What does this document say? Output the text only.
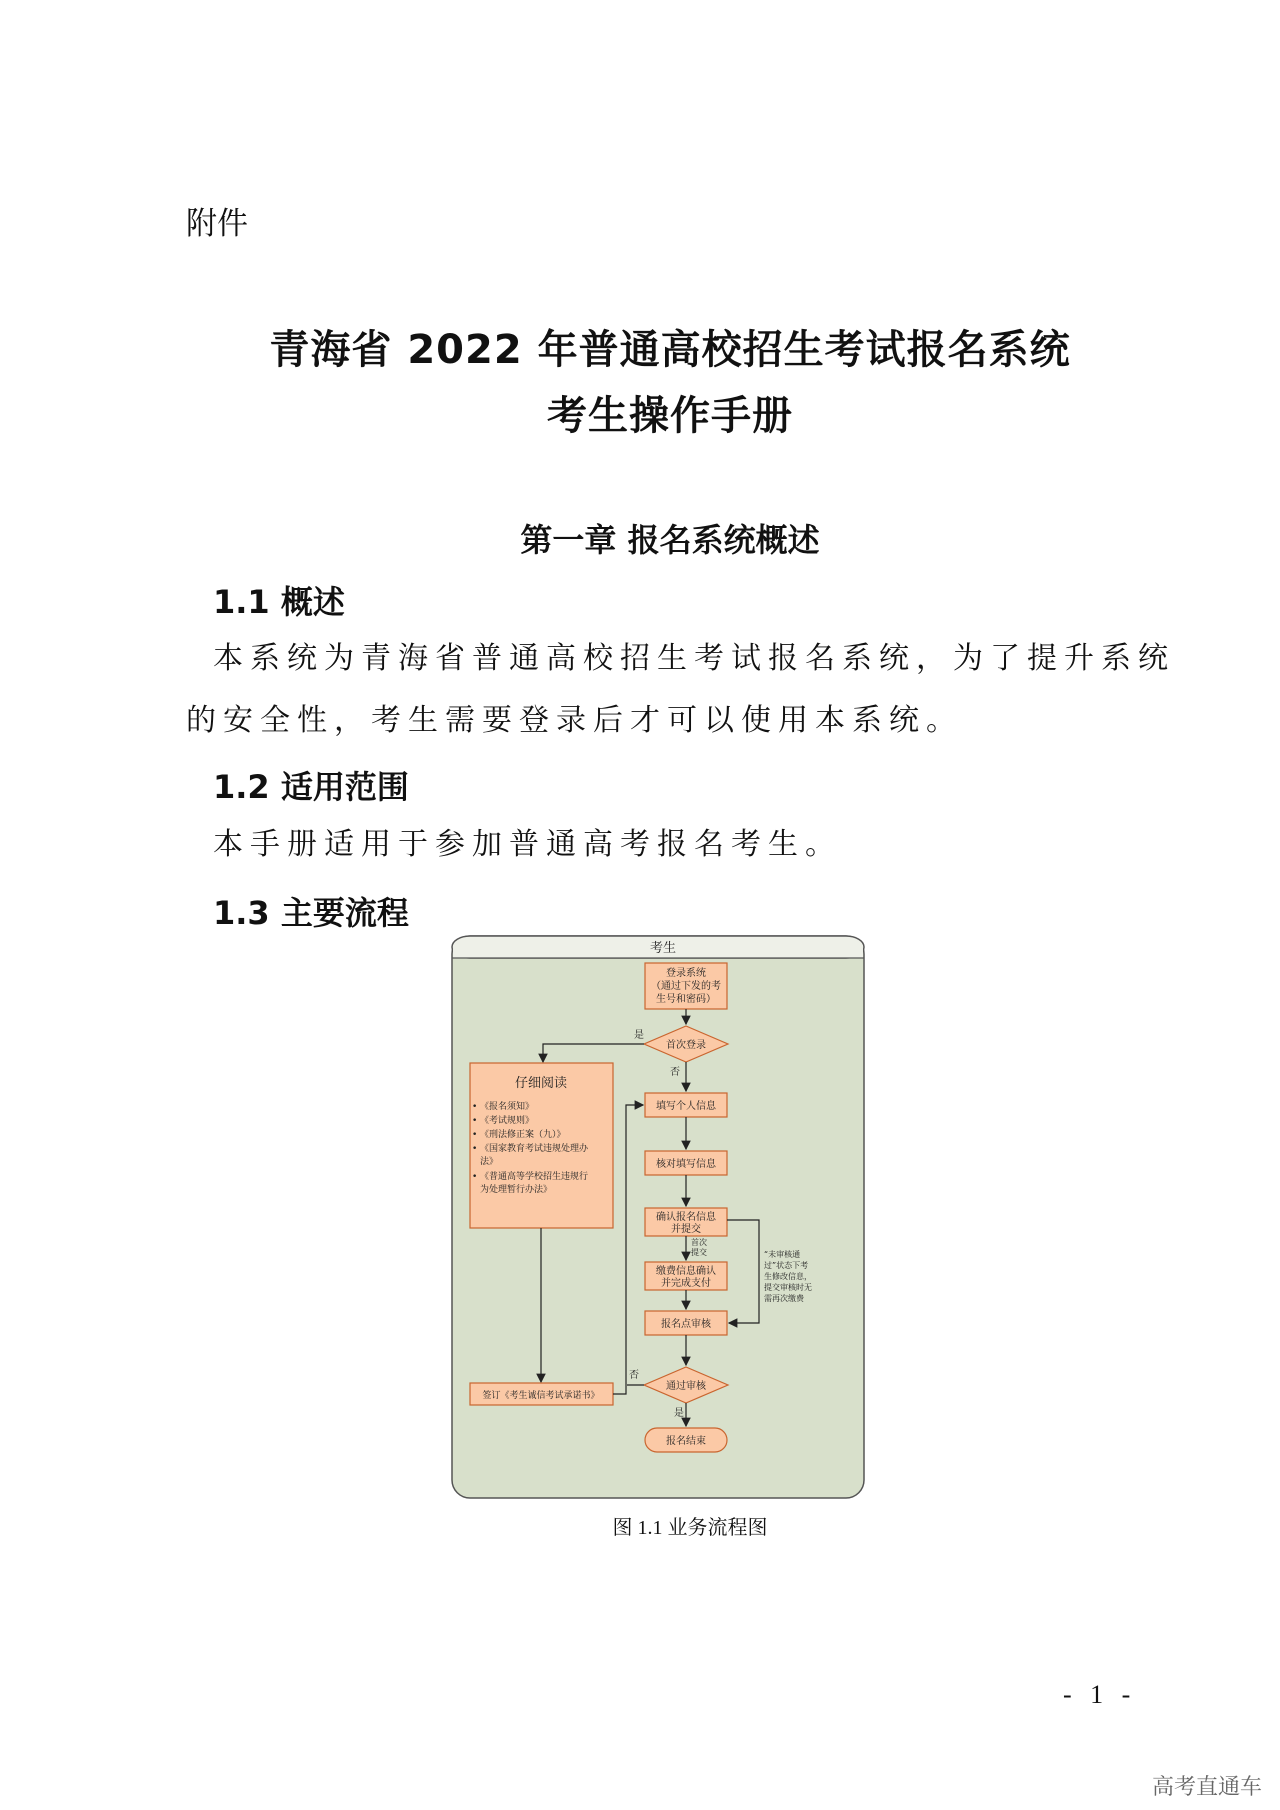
附件
青海省 2022 年普通高校招生考试报名系统
考生操作手册
第一章 报名系统概述
1.1 概述
本系统为青海省普通高校招生考试报名系统，为了提升系统
的安全性，考生需要登录后才可以使用本系统。
1.2 适用范围
本手册适用于参加普通高考报名考生。
1.3 主要流程
考生
登录系统
（通过下发的考
生号和密码）
首次登录
是
否
仔细阅读
• 《报名须知》
• 《考试规则》
• 《刑法修正案（九）》
• 《国家教育考试违规处理办
法》
• 《普通高等学校招生违规行
为处理暂行办法》
填写个人信息
核对填写信息
确认报名信息
并提交
首次
提交	“未审核通
过”状态下考
生修改信息，
提交审核时无
需再次缴费
缴费信息确认
并完成支付
报名点审核
签订《考生诚信考试承诺书》
通过审核
否
是
报名结束
图 1.1 业务流程图
- 1 -
高考直通车
